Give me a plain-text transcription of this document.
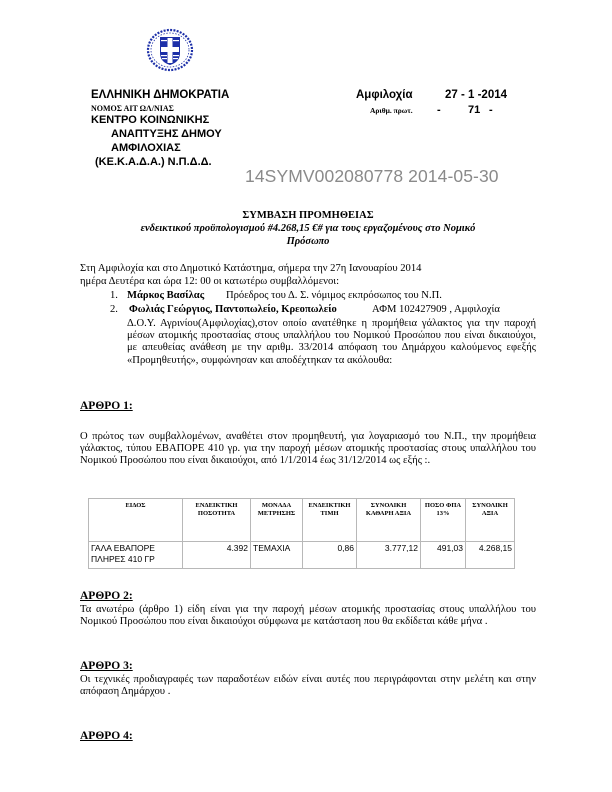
ΕΛΛΗΝΙΚΗ ΔΗΜΟΚΡΑΤΙΑ
ΝΟΜΟΣ ΑΙΤ ΩΛ/ΝΙΑΣ
ΚΕΝΤΡΟ ΚΟΙΝΩΝΙΚΗΣ
ΑΝΑΠΤΥΞΗΣ ΔΗΜΟΥ
ΑΜΦΙΛΟΧΙΑΣ
(ΚΕ.Κ.Α.Δ.Α.) Ν.Π.Δ.Δ.
Αμφιλοχία	27 - 1 -2014
Αριθμ. πρωτ. - 71 -
14SYMV002080778 2014-05-30
ΣΥΜΒΑΣΗ ΠΡΟΜΗΘΕΙΑΣ
ενδεικτικού προϋπολογισμού #4.268,15 €# για τους εργαζομένους στο Νομικό
Πρόσωπο
Στη Αμφιλοχία και στο Δημοτικό Κατάστημα, σήμερα την 27η Ιανουαρίου 2014
ημέρα Δευτέρα και ώρα 12: 00 οι κατωτέρω συμβαλλόμενοι:
1. Μάρκος Βασίλας Πρόεδρος του Δ. Σ. νόμιμος εκπρόσωπος του Ν.Π.
2. Φωλιάς Γεώργιος, Παντοπωλείο, Κρεοπωλείο	ΑΦΜ 102427909 , Αμφιλοχία
Δ.Ο.Υ. Αγρινίου(Αμφιλοχίας),στον οποίο ανατέθηκε η προμήθεια γάλακτος για την παροχή μέσων ατομικής προστασίας στους υπαλλήλου του Νομικού Προσώπου που είναι δικαιούχοι, με απευθείας ανάθεση με την αριθμ. 33/2014 απόφαση του Δημάρχου καλούμενος εφεξής «Προμηθευτής», συμφώνησαν και αποδέχτηκαν τα ακόλουθα:
ΑΡΘΡΟ 1:
Ο πρώτος των συμβαλλομένων, αναθέτει στον προμηθευτή, για λογαριασμό του Ν.Π., την προμήθεια γάλακτος, τύπου ΕΒΑΠΟΡΕ 410 γρ. για την παροχή μέσων ατομικής προστασίας στους υπαλλήλου του Νομικού Προσώπου που είναι δικαιούχοι, από 1/1/2014 έως 31/12/2014 ως εξής :.
ΕΙΔΟΣ	ΕΝΔΕΙΚΤΙΚΗ ΠΟΣΟΤΗΤΑ	ΜΟΝΑΔΑ ΜΕΤΡΗΣΗΣ	ΕΝΔΕΙΚΤΙΚΗ ΤΙΜΗ	ΣΥΝΟΛΙΚΗ ΚΑΘΑΡΗ ΑΞΙΑ	ΠΟΣΟ ΦΠΑ 13%	ΣΥΝΟΛΙΚΗ ΑΞΙΑ
ΓΑΛΑ ΕΒΑΠΟΡΕ ΠΛΗΡΕΣ 410 ΓΡ	4.392	ΤΕΜΑΧΙΑ	0,86	3.777,12	491,03	4.268,15
ΑΡΘΡΟ 2:
Τα ανωτέρω (άρθρο 1) είδη είναι για την παροχή μέσων ατομικής προστασίας στους υπαλλήλου του Νομικού Προσώπου που είναι δικαιούχοι σύμφωνα με κατάσταση που θα εκδίδεται κάθε μήνα .
ΑΡΘΡΟ 3:
Οι τεχνικές προδιαγραφές των παραδοτέων ειδών είναι αυτές που περιγράφονται στην μελέτη και στην απόφαση Δημάρχου .
ΑΡΘΡΟ 4:
